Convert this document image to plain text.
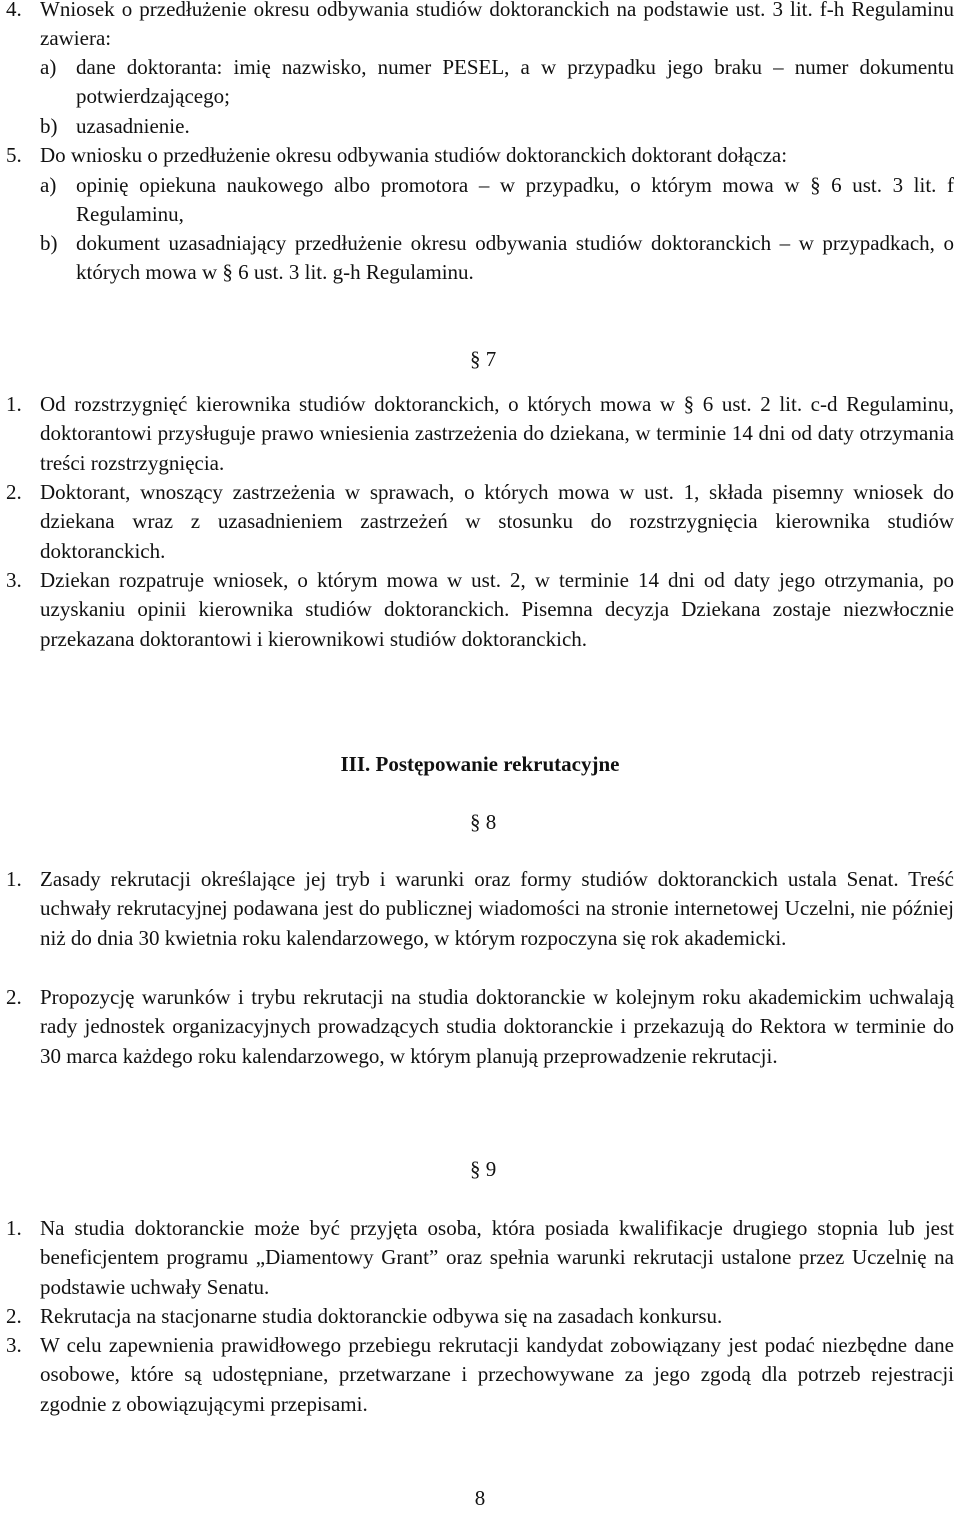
4. Wniosek o przedłużenie okresu odbywania studiów doktoranckich na podstawie ust. 3 lit. f-h Regulaminu zawiera:
a) dane doktoranta: imię nazwisko, numer PESEL, a w przypadku jego braku – numer dokumentu potwierdzającego;
b) uzasadnienie.
5. Do wniosku o przedłużenie okresu odbywania studiów doktoranckich doktorant dołącza:
a) opinię opiekuna naukowego albo promotora – w przypadku, o którym mowa w § 6 ust. 3 lit. f Regulaminu,
b) dokument uzasadniający przedłużenie okresu odbywania studiów doktoranckich – w przypadkach, o których mowa w § 6 ust. 3 lit. g-h Regulaminu.
§ 7
1. Od rozstrzygnięć kierownika studiów doktoranckich, o których mowa w § 6 ust. 2 lit. c-d Regulaminu, doktorantowi przysługuje prawo wniesienia zastrzeżenia do dziekana, w terminie 14 dni od daty otrzymania treści rozstrzygnięcia.
2. Doktorant, wnoszący zastrzeżenia w sprawach, o których mowa w ust. 1, składa pisemny wniosek do dziekana wraz z uzasadnieniem zastrzeżeń w stosunku do rozstrzygnięcia kierownika studiów doktoranckich.
3. Dziekan rozpatruje wniosek, o którym mowa w ust. 2, w terminie 14 dni od daty jego otrzymania, po uzyskaniu opinii kierownika studiów doktoranckich. Pisemna decyzja Dziekana zostaje niezwłocznie przekazana doktorantowi i kierownikowi studiów doktoranckich.
III. Postępowanie rekrutacyjne
§ 8
1. Zasady rekrutacji określające jej tryb i warunki oraz formy studiów doktoranckich ustala Senat. Treść uchwały rekrutacyjnej podawana jest do publicznej wiadomości na stronie internetowej Uczelni, nie później niż do dnia 30 kwietnia roku kalendarzowego, w którym rozpoczyna się rok akademicki.
2. Propozycję warunków i trybu rekrutacji na studia doktoranckie w kolejnym roku akademickim uchwalają rady jednostek organizacyjnych prowadzących studia doktoranckie i przekazują do Rektora w terminie do 30 marca każdego roku kalendarzowego, w którym planują przeprowadzenie rekrutacji.
§ 9
1. Na studia doktoranckie może być przyjęta osoba, która posiada kwalifikacje drugiego stopnia lub jest beneficjentem programu „Diamentowy Grant” oraz spełnia warunki rekrutacji ustalone przez Uczelnię na podstawie uchwały Senatu.
2. Rekrutacja na stacjonarne studia doktoranckie odbywa się na zasadach konkursu.
3. W celu zapewnienia prawidłowego przebiegu rekrutacji kandydat zobowiązany jest podać niezbędne dane osobowe, które są udostępniane, przetwarzane i przechowywane za jego zgodą dla potrzeb rejestracji zgodnie z obowiązującymi przepisami.
8
